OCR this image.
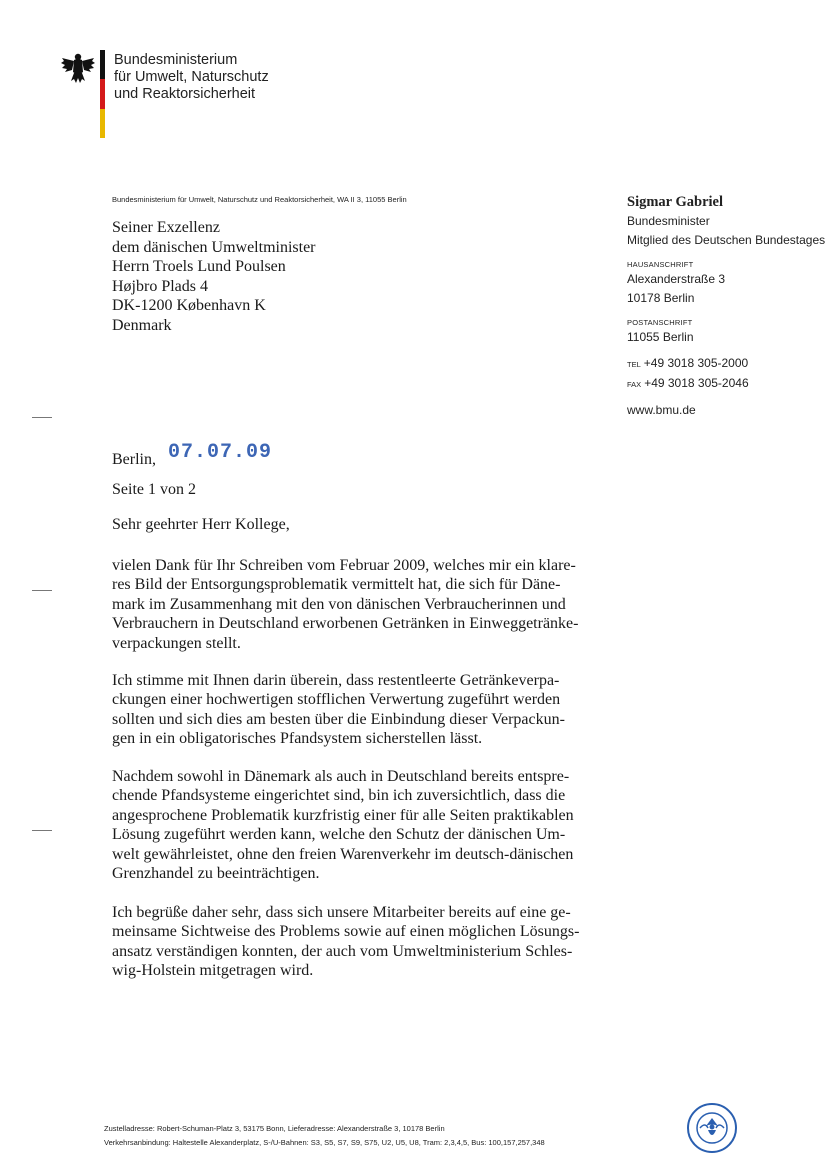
Bundesministerium
für Umwelt, Naturschutz
und Reaktorsicherheit
Bundesministerium für Umwelt, Naturschutz und Reaktorsicherheit, WA II 3, 11055 Berlin
Seiner Exzellenz
dem dänischen Umweltminister
Herrn Troels Lund Poulsen
Højbro Plads 4
DK-1200 København K
Denmark
Sigmar Gabriel
Bundesminister
Mitglied des Deutschen Bundestages
HAUSANSCHRIFT
Alexanderstraße 3
10178 Berlin
POSTANSCHRIFT
11055 Berlin
TEL +49 3018 305-2000
FAX +49 3018 305-2046
www.bmu.de
Berlin, 07.07.09
Seite 1 von 2
Sehr geehrter Herr Kollege,
vielen Dank für Ihr Schreiben vom Februar 2009, welches mir ein klare-
res Bild der Entsorgungsproblematik vermittelt hat, die sich für Däne-
mark im Zusammenhang mit den von dänischen Verbraucherinnen und
Verbrauchern in Deutschland erworbenen Getränken in Einweggetränke-
verpackungen stellt.
Ich stimme mit Ihnen darin überein, dass restentleerte Getränkeverpa-
ckungen einer hochwertigen stofflichen Verwertung zugeführt werden
sollten und sich dies am besten über die Einbindung dieser Verpackun-
gen in ein obligatorisches Pfandsystem sicherstellen lässt.
Nachdem sowohl in Dänemark als auch in Deutschland bereits entspre-
chende Pfandsysteme eingerichtet sind, bin ich zuversichtlich, dass die
angesprochene Problematik kurzfristig einer für alle Seiten praktikablen
Lösung zugeführt werden kann, welche den Schutz der dänischen Um-
welt gewährleistet, ohne den freien Warenverkehr im deutsch-dänischen
Grenzhandel zu beeinträchtigen.
Ich begrüße daher sehr, dass sich unsere Mitarbeiter bereits auf eine ge-
meinsame Sichtweise des Problems sowie auf einen möglichen Lösungs-
ansatz verständigen konnten, der auch vom Umweltministerium Schles-
wig-Holstein mitgetragen wird.
Zustelladresse: Robert-Schuman-Platz 3, 53175 Bonn, Lieferadresse: Alexanderstraße 3, 10178 Berlin
Verkehrsanbindung: Haltestelle Alexanderplatz, S-/U-Bahnen: S3, S5, S7, S9, S75, U2, U5, U8, Tram: 2,3,4,5, Bus: 100,157,257,348
